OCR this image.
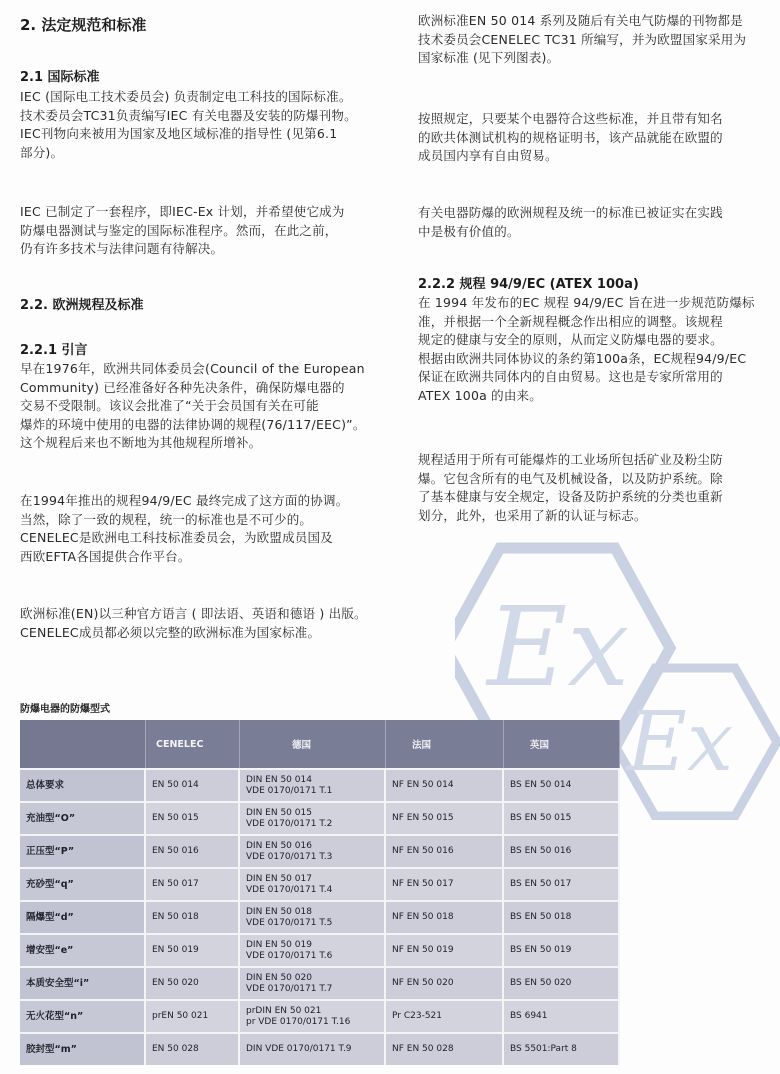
Ex
Ex
2. 法定规范和标准
2.1 国际标准
IEC (国际电工技术委员会) 负责制定电工科技的国际标准。
技术委员会TC31负责编写IEC 有关电器及安装的防爆刊物。
IEC刊物向来被用为国家及地区域标准的指导性 (见第6.1
部分)。
IEC 已制定了一套程序，即IEC-Ex 计划，并希望使它成为
防爆电器测试与鉴定的国际标准程序。然而，在此之前，
仍有许多技术与法律问题有待解决。
2.2. 欧洲规程及标准
2.2.1 引言
早在1976年，欧洲共同体委员会(Council of the European
Community) 已经准备好各种先决条件，确保防爆电器的
交易不受限制。该议会批准了“关于会员国有关在可能
爆炸的环境中使用的电器的法律协调的规程(76/117/EEC)”。
这个规程后来也不断地为其他规程所增补。
在1994年推出的规程94/9/EC 最终完成了这方面的协调。
当然，除了一致的规程，统一的标准也是不可少的。
CENELEC是欧洲电工科技标准委员会，为欧盟成员国及
西欧EFTA各国提供合作平台。
欧洲标准(EN)以三种官方语言 ( 即法语、英语和德语 ) 出版。
CENELEC成员都必须以完整的欧洲标准为国家标准。
欧洲标准EN 50 014 系列及随后有关电气防爆的刊物都是
技术委员会CENELEC TC31 所编写，并为欧盟国家采用为
国家标准 (见下列图表)。
按照规定，只要某个电器符合这些标准，并且带有知名
的欧共体测试机构的规格证明书，该产品就能在欧盟的
成员国内享有自由贸易。
有关电器防爆的欧洲规程及统一的标准已被证实在实践
中是极有价值的。
2.2.2 规程 94/9/EC (ATEX 100a)
在 1994 年发布的EC 规程 94/9/EC 旨在进一步规范防爆标
准，并根据一个全新规程概念作出相应的调整。该规程
规定的健康与安全的原则，从而定义防爆电器的要求。
根据由欧洲共同体协议的条约第100a条，EC规程94/9/EC
保证在欧洲共同体内的自由贸易。这也是专家所常用的
ATEX 100a 的由来。
规程适用于所有可能爆炸的工业场所包括矿业及粉尘防
爆。它包含所有的电气及机械设备，以及防护系统。除
了基本健康与安全规定，设备及防护系统的分类也重新
划分，此外，也采用了新的认证与标志。
防爆电器的防爆型式
	CENELEC	德国	法国	英国

总体要求	EN 50 014	DIN EN 50 014
VDE 0170/0171 T.1	NF EN 50 014	BS EN 50 014

充油型“O”	EN 50 015	DIN EN 50 015
VDE 0170/0171 T.2	NF EN 50 015	BS EN 50 015

正压型“P”	EN 50 016	DIN EN 50 016
VDE 0170/0171 T.3	NF EN 50 016	BS EN 50 016

充砂型“q”	EN 50 017	DIN EN 50 017
VDE 0170/0171 T.4	NF EN 50 017	BS EN 50 017

隔爆型“d”	EN 50 018	DIN EN 50 018
VDE 0170/0171 T.5	NF EN 50 018	BS EN 50 018

增安型“e”	EN 50 019	DIN EN 50 019
VDE 0170/0171 T.6	NF EN 50 019	BS EN 50 019

本质安全型“i”	EN 50 020	DIN EN 50 020
VDE 0170/0171 T.7	NF EN 50 020	BS EN 50 020

无火花型“n”	prEN 50 021	prDIN EN 50 021
pr VDE 0170/0171 T.16	Pr C23-521	BS 6941

胶封型“m”	EN 50 028	DIN VDE 0170/0171 T.9	NF EN 50 028	BS 5501:Part 8
